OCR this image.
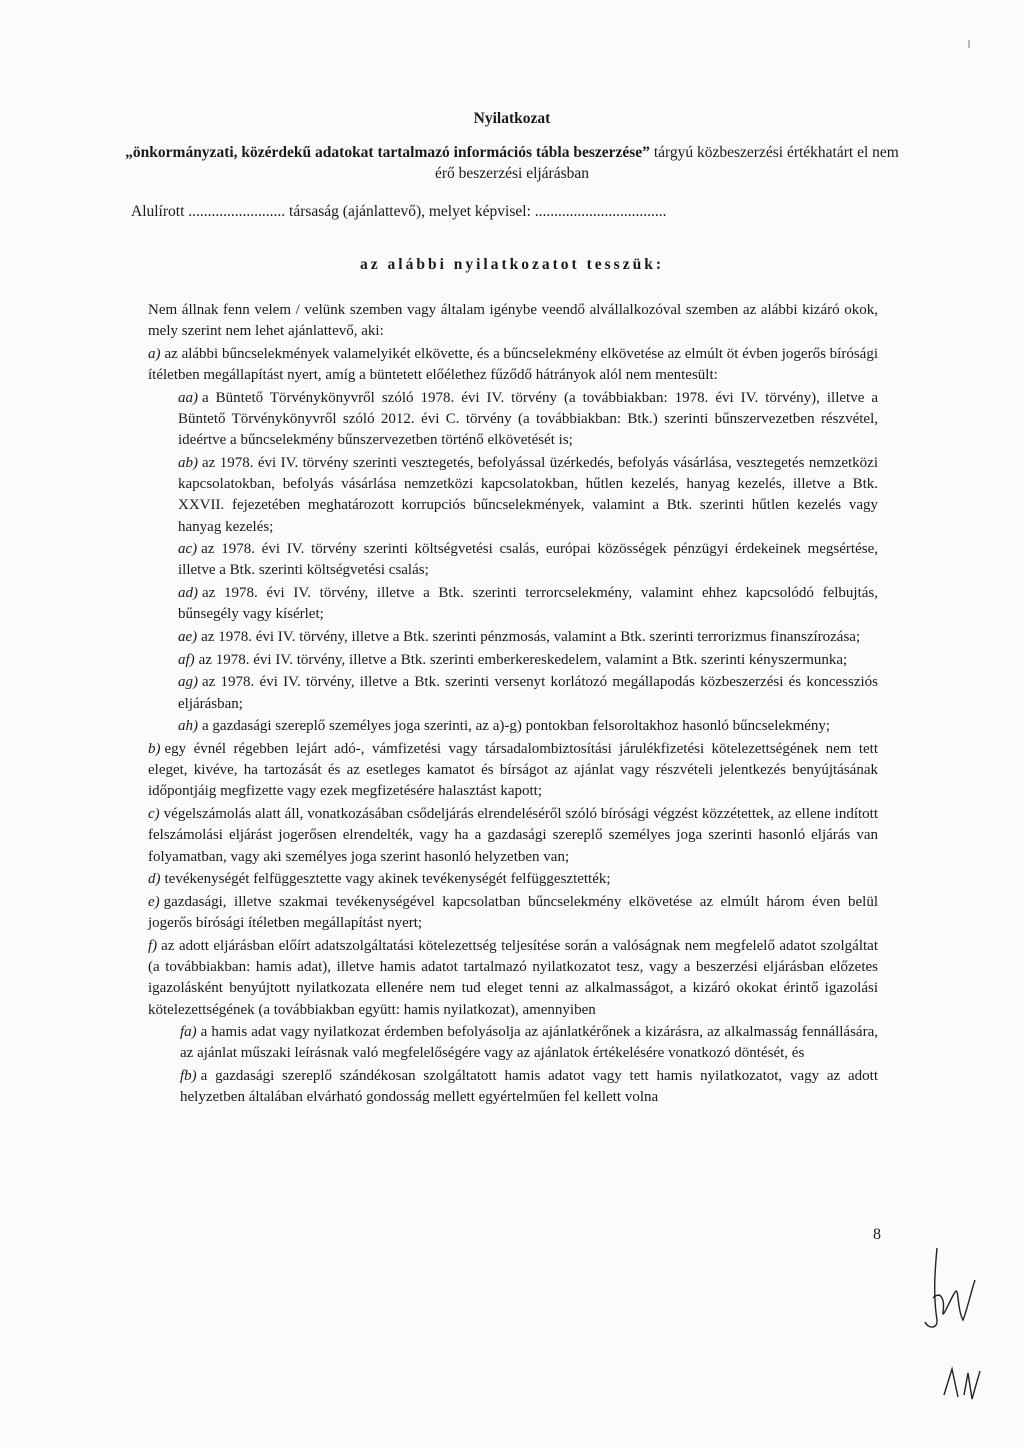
Nyilatkozat
„önkormányzati, közérdekű adatokat tartalmazó információs tábla beszerzése” tárgyú közbeszerzési értékhatárt el nem érő beszerzési eljárásban
Alulírott ......................... társaság (ajánlattevő), melyet képvisel: ..................................
az alábbi nyilatkozatot tesszük:

Nem állnak fenn velem / velünk szemben vagy általam igénybe veendő alvállalkozóval szemben az alábbi kizáró okok, mely szerint nem lehet ajánlattevő, aki:

a) az alábbi bűncselekmények valamelyikét elkövette, és a bűncselekmény elkövetése az elmúlt öt évben jogerős bírósági ítéletben megállapítást nyert, amíg a büntetett előélethez fűződő hátrányok alól nem mentesült:

aa) a Büntető Törvénykönyvről szóló 1978. évi IV. törvény (a továbbiakban: 1978. évi IV. törvény), illetve a Büntető Törvénykönyvről szóló 2012. évi C. törvény (a továbbiakban: Btk.) szerinti bűnszervezetben részvétel, ideértve a bűncselekmény bűnszervezetben történő elkövetését is;

ab) az 1978. évi IV. törvény szerinti vesztegetés, befolyással üzérkedés, befolyás vásárlása, vesztegetés nemzetközi kapcsolatokban, befolyás vásárlása nemzetközi kapcsolatokban, hűtlen kezelés, hanyag kezelés, illetve a Btk. XXVII. fejezetében meghatározott korrupciós bűncselekmények, valamint a Btk. szerinti hűtlen kezelés vagy hanyag kezelés;

ac) az 1978. évi IV. törvény szerinti költségvetési csalás, európai közösségek pénzügyi érdekeinek megsértése, illetve a Btk. szerinti költségvetési csalás;

ad) az 1978. évi IV. törvény, illetve a Btk. szerinti terrorcselekmény, valamint ehhez kapcsolódó felbujtás, bűnsegély vagy kísérlet;

ae) az 1978. évi IV. törvény, illetve a Btk. szerinti pénzmosás, valamint a Btk. szerinti terrorizmus finanszírozása;

af) az 1978. évi IV. törvény, illetve a Btk. szerinti emberkereskedelem, valamint a Btk. szerinti kényszermunka;

ag) az 1978. évi IV. törvény, illetve a Btk. szerinti versenyt korlátozó megállapodás közbeszerzési és koncessziós eljárásban;

ah) a gazdasági szereplő személyes joga szerinti, az a)-g) pontokban felsoroltakhoz hasonló bűncselekmény;

b) egy évnél régebben lejárt adó-, vámfizetési vagy társadalombiztosítási járulékfizetési kötelezettségének nem tett eleget, kivéve, ha tartozását és az esetleges kamatot és bírságot az ajánlat vagy részvételi jelentkezés benyújtásának időpontjáig megfizette vagy ezek megfizetésére halasztást kapott;

c) végelszámolás alatt áll, vonatkozásában csődeljárás elrendeléséről szóló bírósági végzést közzétettek, az ellene indított felszámolási eljárást jogerősen elrendelték, vagy ha a gazdasági szereplő személyes joga szerinti hasonló eljárás van folyamatban, vagy aki személyes joga szerint hasonló helyzetben van;

d) tevékenységét felfüggesztette vagy akinek tevékenységét felfüggesztették;

e) gazdasági, illetve szakmai tevékenységével kapcsolatban bűncselekmény elkövetése az elmúlt három éven belül jogerős bírósági ítéletben megállapítást nyert;

f) az adott eljárásban előírt adatszolgáltatási kötelezettség teljesítése során a valóságnak nem megfelelő adatot szolgáltat (a továbbiakban: hamis adat), illetve hamis adatot tartalmazó nyilatkozatot tesz, vagy a beszerzési eljárásban előzetes igazolásként benyújtott nyilatkozata ellenére nem tud eleget tenni az alkalmasságot, a kizáró okokat érintő igazolási kötelezettségének (a továbbiakban együtt: hamis nyilatkozat), amennyiben

fa) a hamis adat vagy nyilatkozat érdemben befolyásolja az ajánlatkérőnek a kizárásra, az alkalmasság fennállására, az ajánlat műszaki leírásnak való megfelelőségére vagy az ajánlatok értékelésére vonatkozó döntését, és

fb) a gazdasági szereplő szándékosan szolgáltatott hamis adatot vagy tett hamis nyilatkozatot, vagy az adott helyzetben általában elvárható gondosság mellett egyértelműen fel kellett volna

8
